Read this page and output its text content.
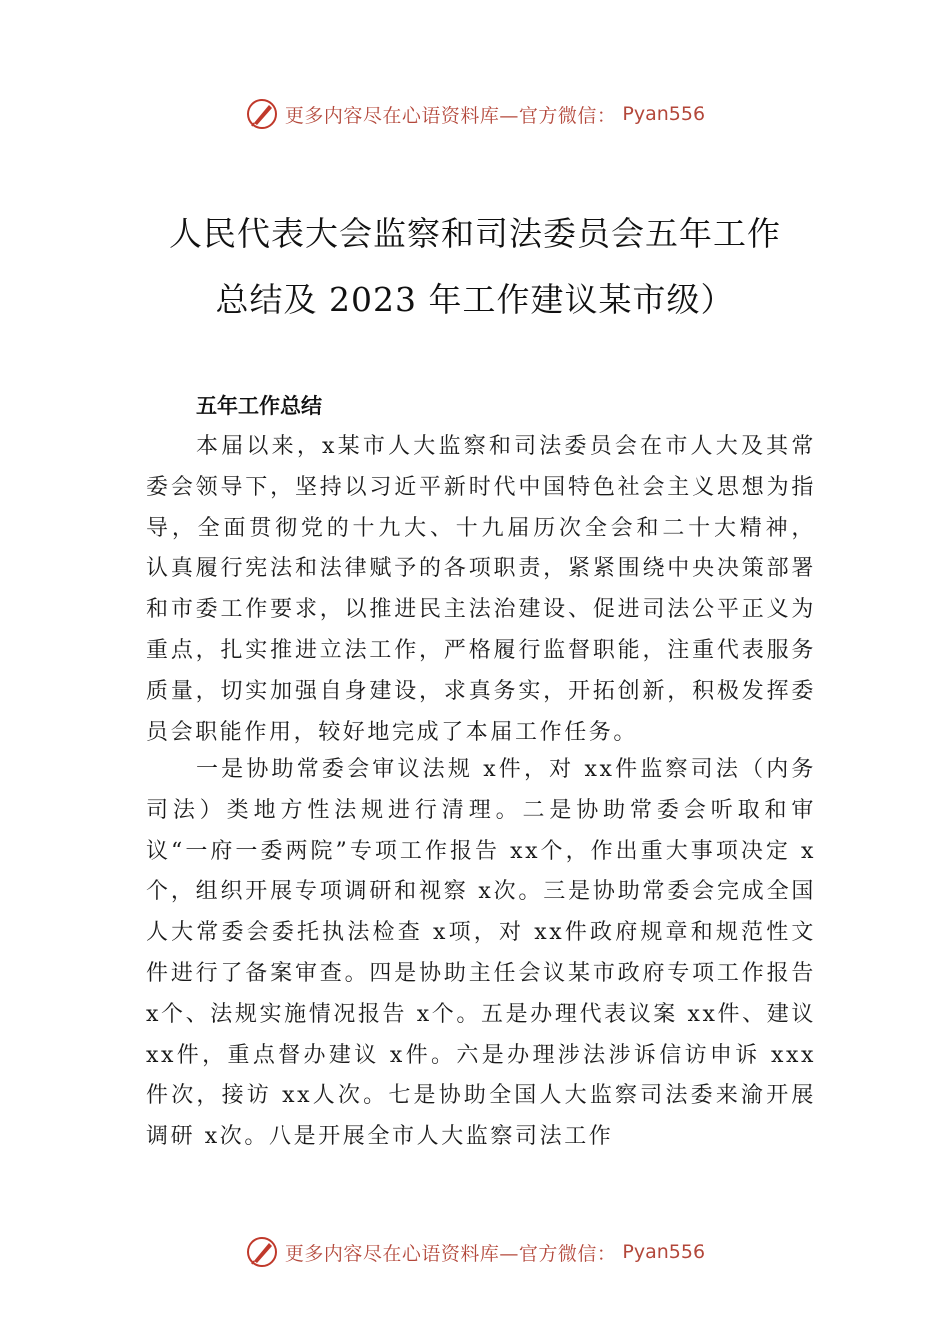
更多内容尽在心语资料库—官方微信： Pyan556
人民代表大会监察和司法委员会五年工作
总结及 2023 年工作建议某市级）
五年工作总结

本届以来，x某市人大监察和司法委员会在市人大及其常委会领导下，坚持以习近平新时代中国特色社会主义思想为指导，全面贯彻党的十九大、十九届历次全会和二十大精神， 认真履行宪法和法律赋予的各项职责，紧紧围绕中央决策部署和市委工作要求，以推进民主法治建设、促进司法公平正义为重点，扎实推进立法工作，严格履行监督职能，注重代表服务质量，切实加强自身建设，求真务实，开拓创新，积极发挥委员会职能作用，较好地完成了本届工作任务。

一是协助常委会审议法规 x件，对 xx件监察司法（内务司法）类地方性法规进行清理。二是协助常委会听取和审议“一府一委两院”专项工作报告 xx个，作出重大事项决定 x个，组织开展专项调研和视察 x次。三是协助常委会完成全国人大常委会委托执法检查 x项，对 xx件政府规章和规范性文件进行了备案审查。四是协助主任会议某市政府专项工作报告 x个、法规实施情况报告 x个。五是办理代表议案 xx件、建议 xx件，重点督办建议 x件。六是办理涉法涉诉信访申诉 xxx件次，接访 xx人次。七是协助全国人大监察司法委来渝开展调研 x次。八是开展全市人大监察司法工作

更多内容尽在心语资料库—官方微信： Pyan556
